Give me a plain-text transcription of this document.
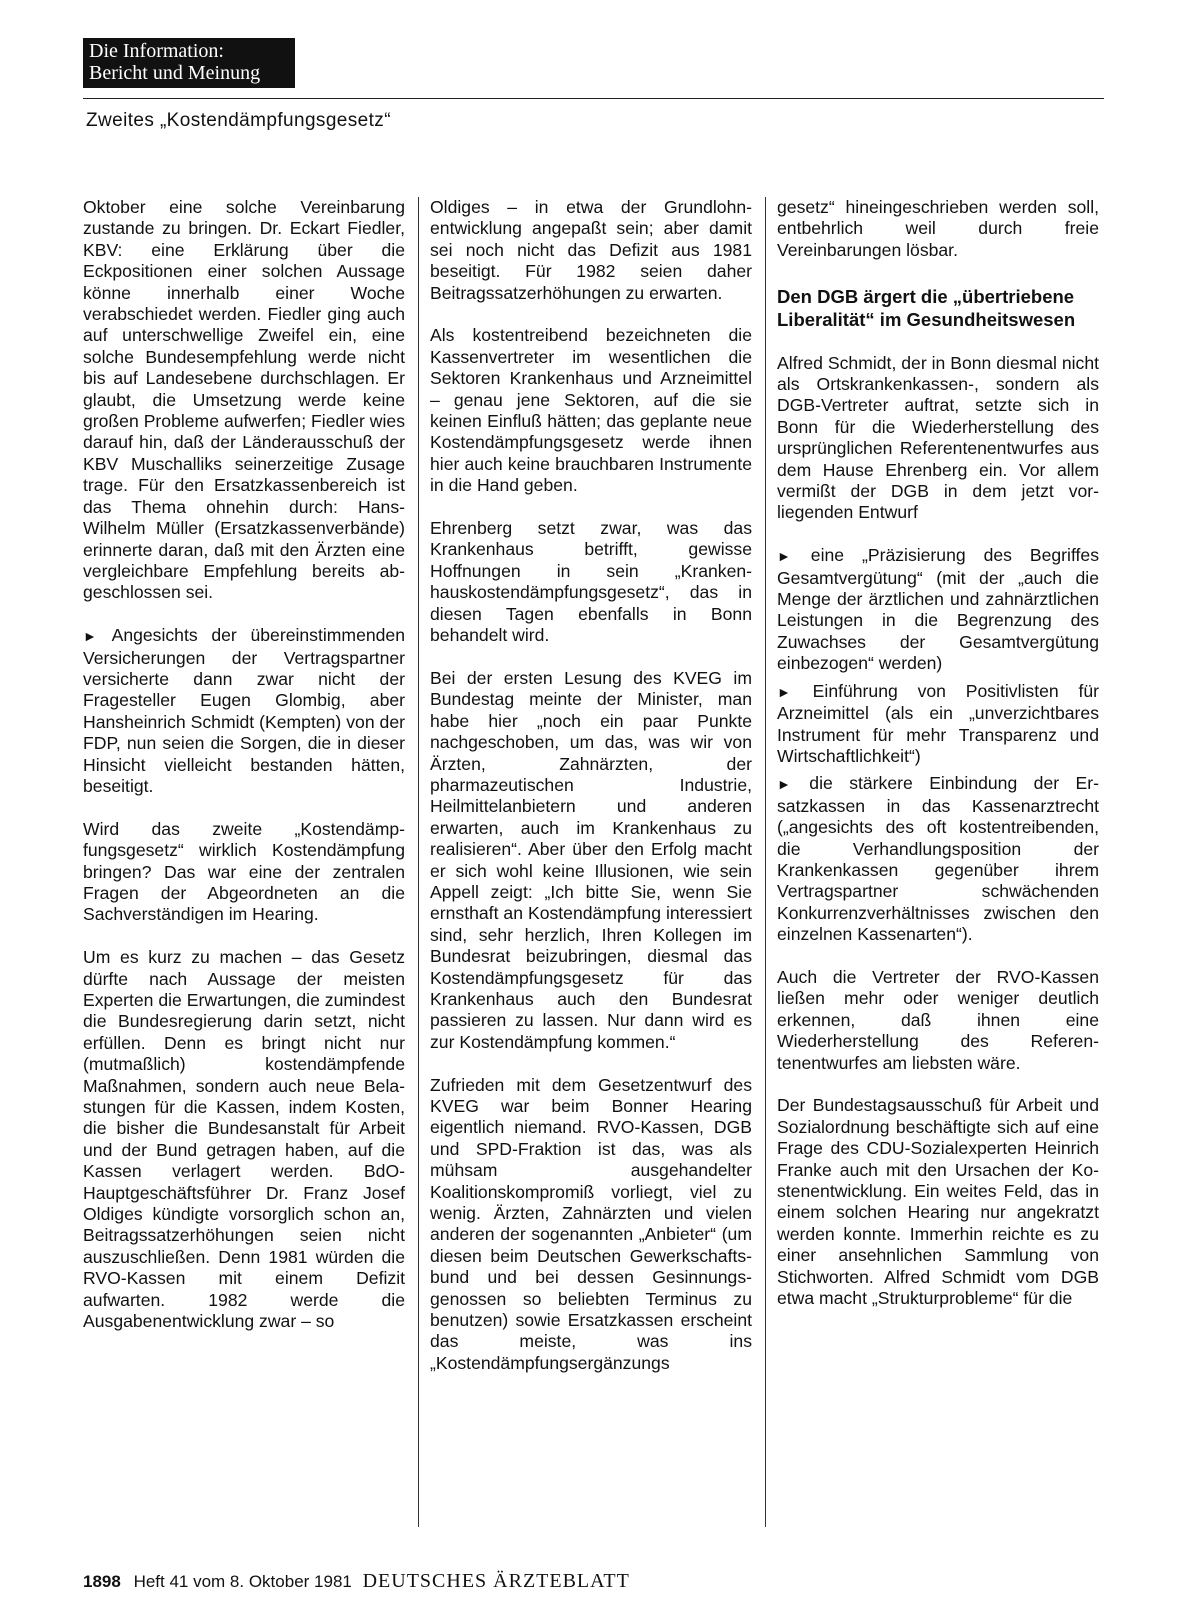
Die Information:
Bericht und Meinung
Zweites „Kostendämpfungsgesetz“

Oktober eine solche Vereinbarung zustande zu bringen. Dr. Eckart Fiedler, KBV: eine Erklärung über die Eckpositionen einer solchen Aussage könne innerhalb einer Woche verabschiedet werden. Fiedler ging auch auf unterschwellige Zweifel ein, eine solche Bundesempfehlung werde nicht bis auf Landesebene durchschlagen. Er glaubt, die Umsetzung werde keine großen Probleme aufwerfen; Fiedler wies darauf hin, daß der Länderausschuß der KBV Muschalliks seinerzeitige Zusage trage. Für den Ersatzkassenbereich ist das Thema ohnehin durch: Hans-Wilhelm Müller (Ersatzkassenverbände) erinnerte daran, daß mit den Ärzten eine vergleichbare Empfehlung bereits abgeschlossen sei.

► Angesichts der übereinstimmenden Versicherungen der Vertragspartner versicherte dann zwar nicht der Fragesteller Eugen Glombig, aber Hansheinrich Schmidt (Kempten) von der FDP, nun seien die Sorgen, die in dieser Hinsicht vielleicht bestanden hätten, beseitigt.

Wird das zweite „Kostendämpfungsgesetz“ wirklich Kostendämpfung bringen? Das war eine der zentralen Fragen der Abgeordneten an die Sachverständigen im Hearing.

Um es kurz zu machen – das Gesetz dürfte nach Aussage der meisten Experten die Erwartungen, die zumindest die Bundesregierung darin setzt, nicht erfüllen. Denn es bringt nicht nur (mutmaßlich) kostendämpfende Maßnahmen, sondern auch neue Belastungen für die Kassen, indem Kosten, die bisher die Bundesanstalt für Arbeit und der Bund getragen haben, auf die Kassen verlagert werden. BdO-Hauptgeschäftsführer Dr. Franz Josef Oldiges kündigte vorsorglich schon an, Beitragssatzerhöhungen seien nicht auszuschließen. Denn 1981 würden die RVO-Kassen mit einem Defizit aufwarten. 1982 werde die Ausgabenentwicklung zwar – so

Oldiges – in etwa der Grundlohnentwicklung angepaßt sein; aber damit sei noch nicht das Defizit aus 1981 beseitigt. Für 1982 seien daher Beitragssatzerhöhungen zu erwarten.

Als kostentreibend bezeichneten die Kassenvertreter im wesentlichen die Sektoren Krankenhaus und Arzneimittel – genau jene Sektoren, auf die sie keinen Einfluß hätten; das geplante neue Kostendämpfungsgesetz werde ihnen hier auch keine brauchbaren Instrumente in die Hand geben.

Ehrenberg setzt zwar, was das Krankenhaus betrifft, gewisse Hoffnungen in sein „Krankenhauskostendämpfungsgesetz“, das in diesen Tagen ebenfalls in Bonn behandelt wird.

Bei der ersten Lesung des KVEG im Bundestag meinte der Minister, man habe hier „noch ein paar Punkte nachgeschoben, um das, was wir von Ärzten, Zahnärzten, der pharmazeutischen Industrie, Heilmittelanbietern und anderen erwarten, auch im Krankenhaus zu realisieren“. Aber über den Erfolg macht er sich wohl keine Illusionen, wie sein Appell zeigt: „Ich bitte Sie, wenn Sie ernsthaft an Kostendämpfung interessiert sind, sehr herzlich, Ihren Kollegen im Bundesrat beizubringen, diesmal das Kostendämpfungsgesetz für das Krankenhaus auch den Bundesrat passieren zu lassen. Nur dann wird es zur Kostendämpfung kommen.“

Zufrieden mit dem Gesetzentwurf des KVEG war beim Bonner Hearing eigentlich niemand. RVO-Kassen, DGB und SPD-Fraktion ist das, was als mühsam ausgehandelter Koalitionskompromiß vorliegt, viel zu wenig. Ärzten, Zahnärzten und vielen anderen der sogenannten „Anbieter“ (um diesen beim Deutschen Gewerkschaftsbund und bei dessen Gesinnungsgenossen so beliebten Terminus zu benutzen) sowie Ersatzkassen erscheint das meiste, was ins „Kostendämpfungsergänzungs

gesetz“ hineingeschrieben werden soll, entbehrlich weil durch freie Vereinbarungen lösbar.

Den DGB ärgert die „übertriebene Liberalität“ im Gesundheitswesen

Alfred Schmidt, der in Bonn diesmal nicht als Ortskrankenkassen-, sondern als DGB-Vertreter auftrat, setzte sich in Bonn für die Wiederherstellung des ursprünglichen Referentenentwurfes aus dem Hause Ehrenberg ein. Vor allem vermißt der DGB in dem jetzt vorliegenden Entwurf

► eine „Präzisierung des Begriffes Gesamtvergütung“ (mit der „auch die Menge der ärztlichen und zahnärztlichen Leistungen in die Begrenzung des Zuwachses der Gesamtvergütung einbezogen“ werden)

► Einführung von Positivlisten für Arzneimittel (als ein „unverzichtbares Instrument für mehr Transparenz und Wirtschaftlichkeit“)

► die stärkere Einbindung der Ersatzkassen in das Kassenarztrecht („angesichts des oft kostentreibenden, die Verhandlungsposition der Krankenkassen gegenüber ihrem Vertragspartner schwächenden Konkurrenzverhältnisses zwischen den einzelnen Kassenarten“).

Auch die Vertreter der RVO-Kassen ließen mehr oder weniger deutlich erkennen, daß ihnen eine Wiederherstellung des Referentenentwurfes am liebsten wäre.

Der Bundestagsausschuß für Arbeit und Sozialordnung beschäftigte sich auf eine Frage des CDU-Sozialexperten Heinrich Franke auch mit den Ursachen der Kostenentwicklung. Ein weites Feld, das in einem solchen Hearing nur angekratzt werden konnte. Immerhin reichte es zu einer ansehnlichen Sammlung von Stichworten. Alfred Schmidt vom DGB etwa macht „Strukturprobleme“ für die

1898 Heft 41 vom 8. Oktober 1981 DEUTSCHES ÄRZTEBLATT
